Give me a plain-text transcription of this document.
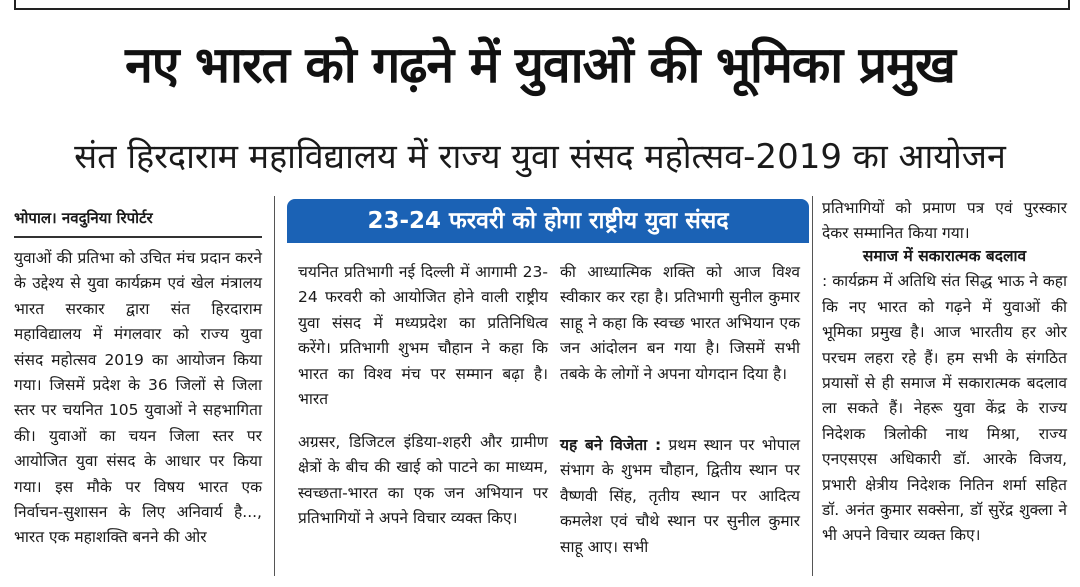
नए भारत को गढ़ने में युवाओं की भूमिका प्रमुख
संत हिरदाराम महाविद्यालय में राज्य युवा संसद महोत्सव-2019 का आयोजन
भोपाल। नवदुनिया रिपोर्टर
युवाओं की प्रतिभा को उचित मंच प्रदान करने के उद्देश्य से युवा कार्यक्रम एवं खेल मंत्रालय भारत सरकार द्वारा संत हिरदाराम महाविद्यालय में मंगलवार को राज्य युवा संसद महोत्सव 2019 का आयोजन किया गया। जिसमें प्रदेश के 36 जिलों से जिला स्तर पर चयनित 105 युवाओं ने सहभागिता की। युवाओं का चयन जिला स्तर पर आयोजित युवा संसद के आधार पर किया गया। इस मौके पर विषय भारत एक निर्वाचन-सुशासन के लिए अनिवार्य है..., भारत एक महाशक्ति बनने की ओर
23-24 फरवरी को होगा राष्ट्रीय युवा संसद
चयनित प्रतिभागी नई दिल्ली में आगामी 23-24 फरवरी को आयोजित होने वाली राष्ट्रीय युवा संसद में मध्यप्रदेश का प्रतिनिधित्व करेंगे। प्रतिभागी शुभम चौहान ने कहा कि भारत का विश्व मंच पर सम्मान बढ़ा है। भारत
अग्रसर, डिजिटल इंडिया-शहरी और ग्रामीण क्षेत्रों के बीच की खाई को पाटने का माध्यम, स्वच्छता-भारत का एक जन अभियान पर प्रतिभागियों ने अपने विचार व्यक्त किए।
की आध्यात्मिक शक्ति को आज विश्व स्वीकार कर रहा है। प्रतिभागी सुनील कुमार साहू ने कहा कि स्वच्छ भारत अभियान एक जन आंदोलन बन गया है। जिसमें सभी तबके के लोगों ने अपना योगदान दिया है।
यह बने विजेता : प्रथम स्थान पर भोपाल संभाग के शुभम चौहान, द्वितीय स्थान पर वैष्णवी सिंह, तृतीय स्थान पर आदित्य कमलेश एवं चौथे स्थान पर सुनील कुमार साहू आए। सभी
प्रतिभागियों को प्रमाण पत्र एवं पुरस्कार देकर सम्मानित किया गया।
समाज में सकारात्मक बदलाव
: कार्यक्रम में अतिथि संत सिद्ध भाऊ ने कहा कि नए भारत को गढ़ने में युवाओं की भूमिका प्रमुख है। आज भारतीय हर ओर परचम लहरा रहे हैं। हम सभी के संगठित प्रयासों से ही समाज में सकारात्मक बदलाव ला सकते हैं। नेहरू युवा केंद्र के राज्य निदेशक त्रिलोकी नाथ मिश्रा, राज्य एनएसएस अधिकारी डॉ. आरके विजय, प्रभारी क्षेत्रीय निदेशक नितिन शर्मा सहित डॉ. अनंत कुमार सक्सेना, डॉ सुरेंद्र शुक्ला ने भी अपने विचार व्यक्त किए।
